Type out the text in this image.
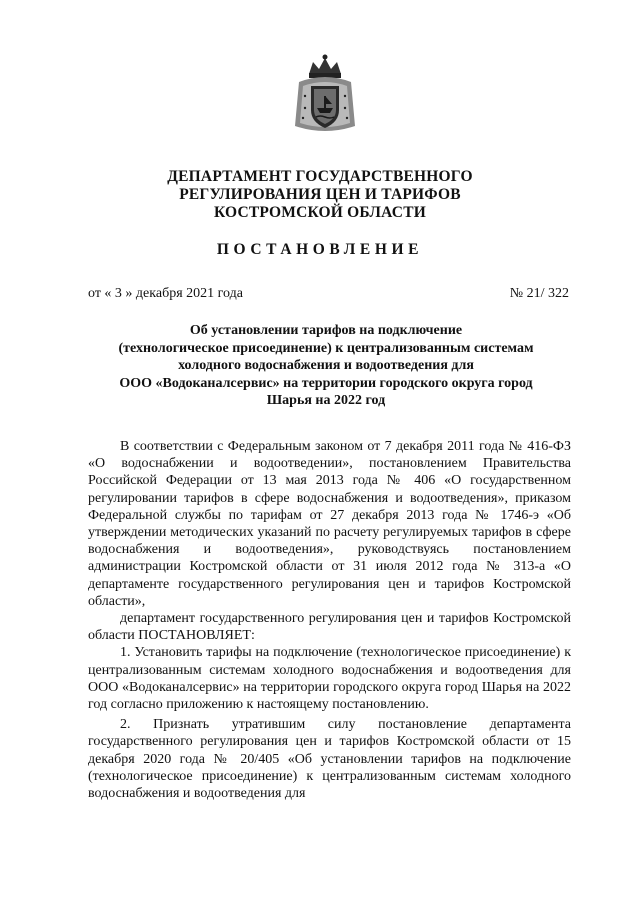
ДЕПАРТАМЕНТ ГОСУДАРСТВЕННОГО
РЕГУЛИРОВАНИЯ ЦЕН И ТАРИФОВ
КОСТРОМСКОЙ ОБЛАСТИ
ПОСТАНОВЛЕНИЕ
от « 3 » декабря 2021 года	№ 21/ 322
Об установлении тарифов на подключение
(технологическое присоединение) к централизованным системам
холодного водоснабжения и водоотведения для
ООО «Водоканалсервис» на территории городского округа город
Шарья на 2022 год

В соответствии с Федеральным законом от 7 декабря 2011 года № 416-ФЗ «О водоснабжении и водоотведении», постановлением Правительства Российской Федерации от 13 мая 2013 года № 406 «О государственном регулировании тарифов в сфере водоснабжения и водоотведения», приказом Федеральной службы по тарифам от 27 декабря 2013 года № 1746-э «Об утверждении методических указаний по расчету регулируемых тарифов в сфере водоснабжения и водоотведения», руководствуясь постановлением администрации Костромской области от 31 июля 2012 года № 313-а «О департаменте государственного регулирования цен и тарифов Костромской области»,

департамент государственного регулирования цен и тарифов Костромской области ПОСТАНОВЛЯЕТ:

1. Установить тарифы на подключение (технологическое присоединение) к централизованным системам холодного водоснабжения и водоотведения для ООО «Водоканалсервис» на территории городского округа город Шарья на 2022 год согласно приложению к настоящему постановлению.

2. Признать утратившим силу постановление департамента государственного регулирования цен и тарифов Костромской области от 15 декабря 2020 года № 20/405 «Об установлении тарифов на подключение (технологическое присоединение) к централизованным системам холодного водоснабжения и водоотведения для
